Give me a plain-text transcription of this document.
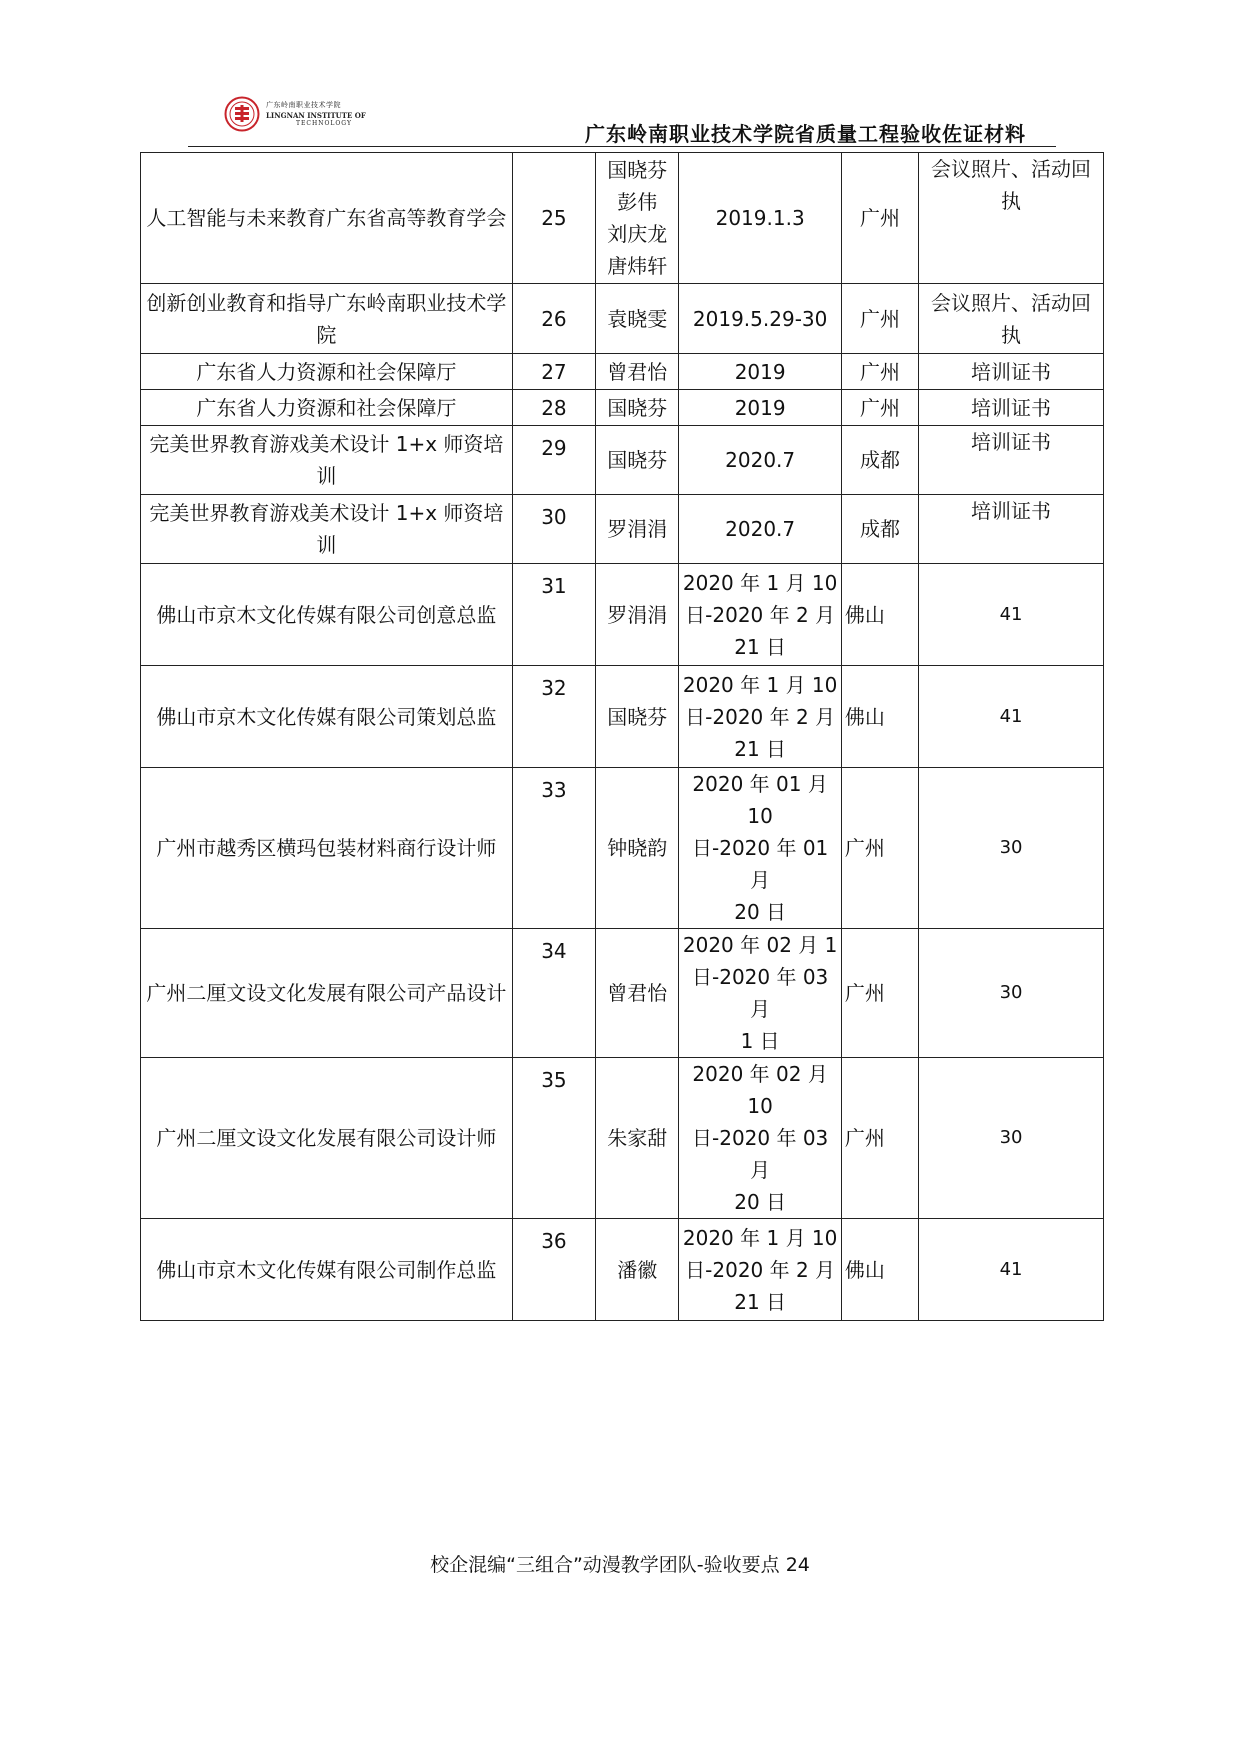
广东岭南职业技术学院
LINGNAN INSTITUTE OF
TECHNOLOGY	广东岭南职业技术学院省质量工程验收佐证材料
人工智能与未来教育广东省高等教育学会	25	国晓芬
彭伟
刘庆龙
唐炜轩	2019.1.3	广州	会议照片、活动回执
创新创业教育和指导广东岭南职业技术学院	26	袁晓雯	2019.5.29-30	广州	会议照片、活动回执
广东省人力资源和社会保障厅	27	曾君怡	2019	广州	培训证书
广东省人力资源和社会保障厅	28	国晓芬	2019	广州	培训证书
完美世界教育游戏美术设计 1+x 师资培训	29	国晓芬	2020.7	成都	培训证书
完美世界教育游戏美术设计 1+x 师资培训	30	罗涓涓	2020.7	成都	培训证书
佛山市京木文化传媒有限公司创意总监	31	罗涓涓	2020 年 1 月 10
日-2020 年 2 月
21 日	佛山	41
佛山市京木文化传媒有限公司策划总监	32	国晓芬	2020 年 1 月 10
日-2020 年 2 月
21 日	佛山	41
广州市越秀区横玛包装材料商行设计师	33	钟晓韵	2020 年 01 月 10
日-2020 年 01 月
20 日	广州	30
广州二厘文设文化发展有限公司产品设计	34	曾君怡	2020 年 02 月 1
日-2020 年 03 月
1 日	广州	30
广州二厘文设文化发展有限公司设计师	35	朱家甜	2020 年 02 月 10
日-2020 年 03 月
20 日	广州	30
佛山市京木文化传媒有限公司制作总监	36	潘徽	2020 年 1 月 10
日-2020 年 2 月
21 日	佛山	41
校企混编“三组合”动漫教学团队-验收要点 24
